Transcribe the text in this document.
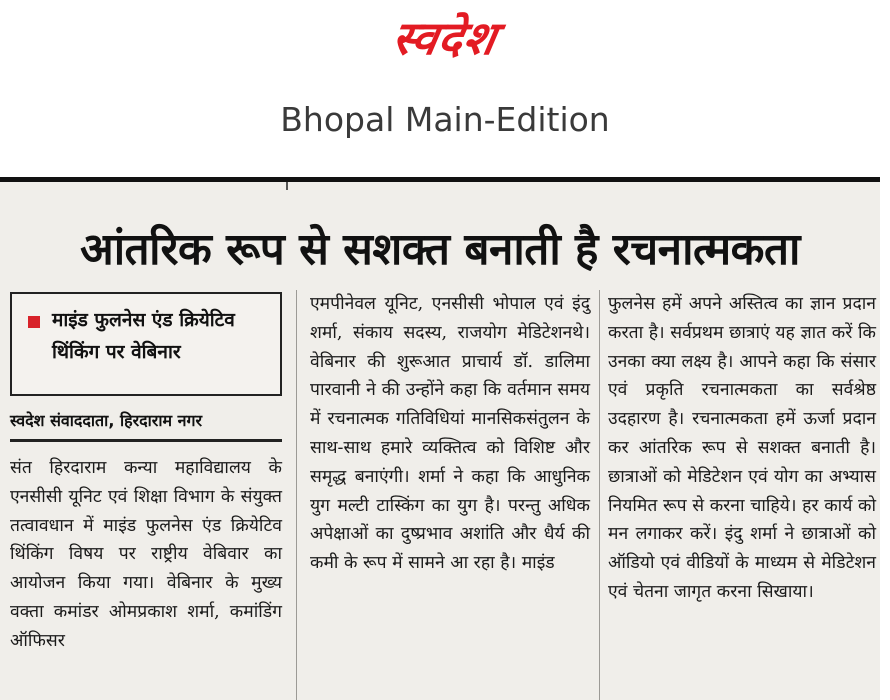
स्वदेश
Bhopal Main-Edition
आंतरिक रूप से सशक्त बनाती है रचनात्मकता
माइंड फुलनेस एंड क्रियेटिव
थिंकिंग पर वेबिनार
स्वदेश संवाददाता, हिरदाराम नगर

संत हिरदाराम कन्या महाविद्यालय के एनसीसी यूनिट एवं शिक्षा विभाग के संयुक्त तत्वावधान में माइंड फुलनेस एंड क्रियेटिव थिंकिंग विषय पर राष्ट्रीय वेबिवार का आयोजन किया गया। वेबिनार के मुख्य वक्ता कमांडर ओमप्रकाश शर्मा, कमांडिंग ऑफिसर

एमपीनेवल यूनिट, एनसीसी भोपाल एवं इंदु शर्मा, संकाय सदस्य, राजयोग मेडिटेशनथे। वेबिनार की शुरूआत प्राचार्य डॉ. डालिमा पारवानी ने की उन्होंने कहा कि वर्तमान समय में रचनात्मक गतिविधियां मानसिकसंतुलन के साथ-साथ हमारे व्यक्तित्व को विशिष्ट और समृद्ध बनाएंगी। शर्मा ने कहा कि आधुनिक युग मल्टी टास्किंग का युग है। परन्तु अधिक अपेक्षाओं का दुष्प्रभाव अशांति और धैर्य की कमी के रूप में सामने आ रहा है। माइंड

फुलनेस हमें अपने अस्तित्व का ज्ञान प्रदान करता है। सर्वप्रथम छात्राएं यह ज्ञात करें कि उनका क्या लक्ष्य है। आपने कहा कि संसार एवं प्रकृति रचनात्मकता का सर्वश्रेष्ठ उदहारण है। रचनात्मकता हमें ऊर्जा प्रदान कर आंतरिक रूप से सशक्त बनाती है। छात्राओं को मेडिटेशन एवं योग का अभ्यास नियमित रूप से करना चाहिये। हर कार्य को मन लगाकर करें। इंदु शर्मा ने छात्राओं को ऑडियो एवं वीडियों के माध्यम से मेडिटेशन एवं चेतना जागृत करना सिखाया।
